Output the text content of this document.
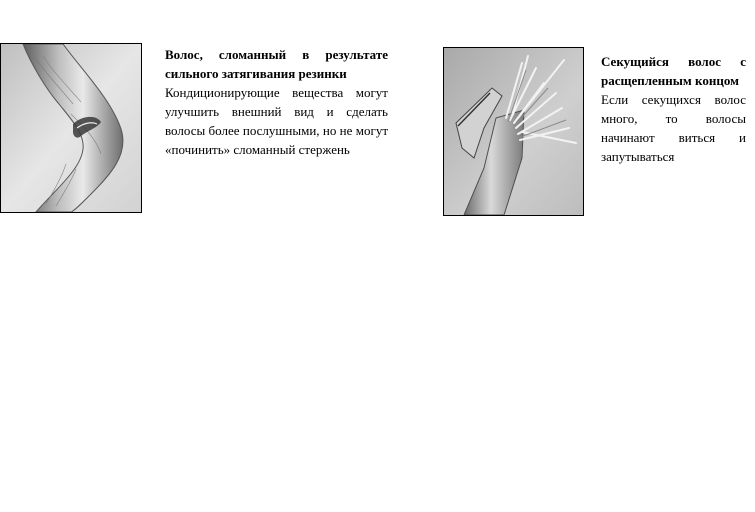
Волос, сломанный в результате сильного затягивания резинки

Кондиционирующие вещества могут улучшить внешний вид и сделать волосы более послушными, но не могут «починить» сломанный стержень

Секущийся волос с расщепленным концом

Если секущихся волос много, то волосы начинают виться и запутываться
